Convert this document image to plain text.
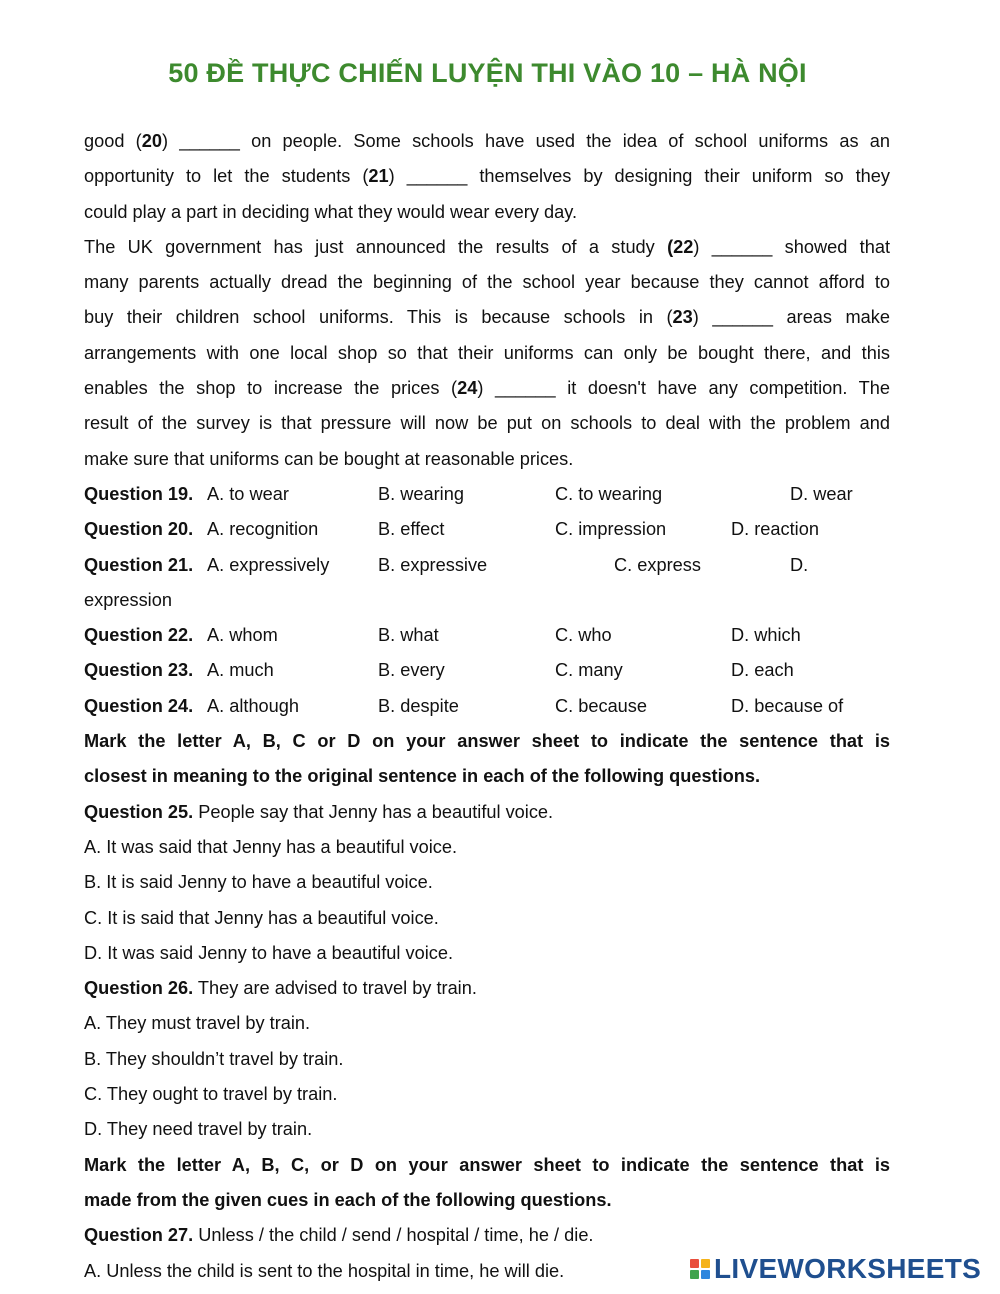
50 ĐỀ THỰC CHIẾN LUYỆN THI VÀO 10 – HÀ NỘI
good (20) ______ on people. Some schools have used the idea of school uniforms as an
opportunity to let the students (21) ______ themselves by designing their uniform so they
could play a part in deciding what they would wear every day.
The UK government has just announced the results of a study (22) ______ showed that
many parents actually dread the beginning of the school year because they cannot afford to
buy their children school uniforms. This is because schools in (23) ______ areas make
arrangements with one local shop so that their uniforms can only be bought there, and this
enables the shop to increase the prices (24) ______ it doesn't have any competition. The
result of the survey is that pressure will now be put on schools to deal with the problem and
make sure that uniforms can be bought at reasonable prices.
Question 19. A. to wear	B. wearing	C. to wearing	D. wear
Question 20. A. recognition	B. effect	C. impression	D. reaction
Question 21. A. expressively	B. expressive	C. express	D.
expression
Question 22. A. whom	B. what	C. who	D. which
Question 23. A. much	B. every	C. many	D. each
Question 24. A. although	B. despite	C. because	D. because of
Mark the letter A, B, C or D on your answer sheet to indicate the sentence that is
closest in meaning to the original sentence in each of the following questions.
Question 25. People say that Jenny has a beautiful voice.
A. It was said that Jenny has a beautiful voice.
B. It is said Jenny to have a beautiful voice.
C. It is said that Jenny has a beautiful voice.
D. It was said Jenny to have a beautiful voice.
Question 26. They are advised to travel by train.
A. They must travel by train.
B. They shouldn’t travel by train.
C. They ought to travel by train.
D. They need travel by train.
Mark the letter A, B, C, or D on your answer sheet to indicate the sentence that is
made from the given cues in each of the following questions.
Question 27. Unless / the child / send / hospital / time, he / die.
A. Unless the child is sent to the hospital in time, he will die.	LIVEWORKSHEETS
